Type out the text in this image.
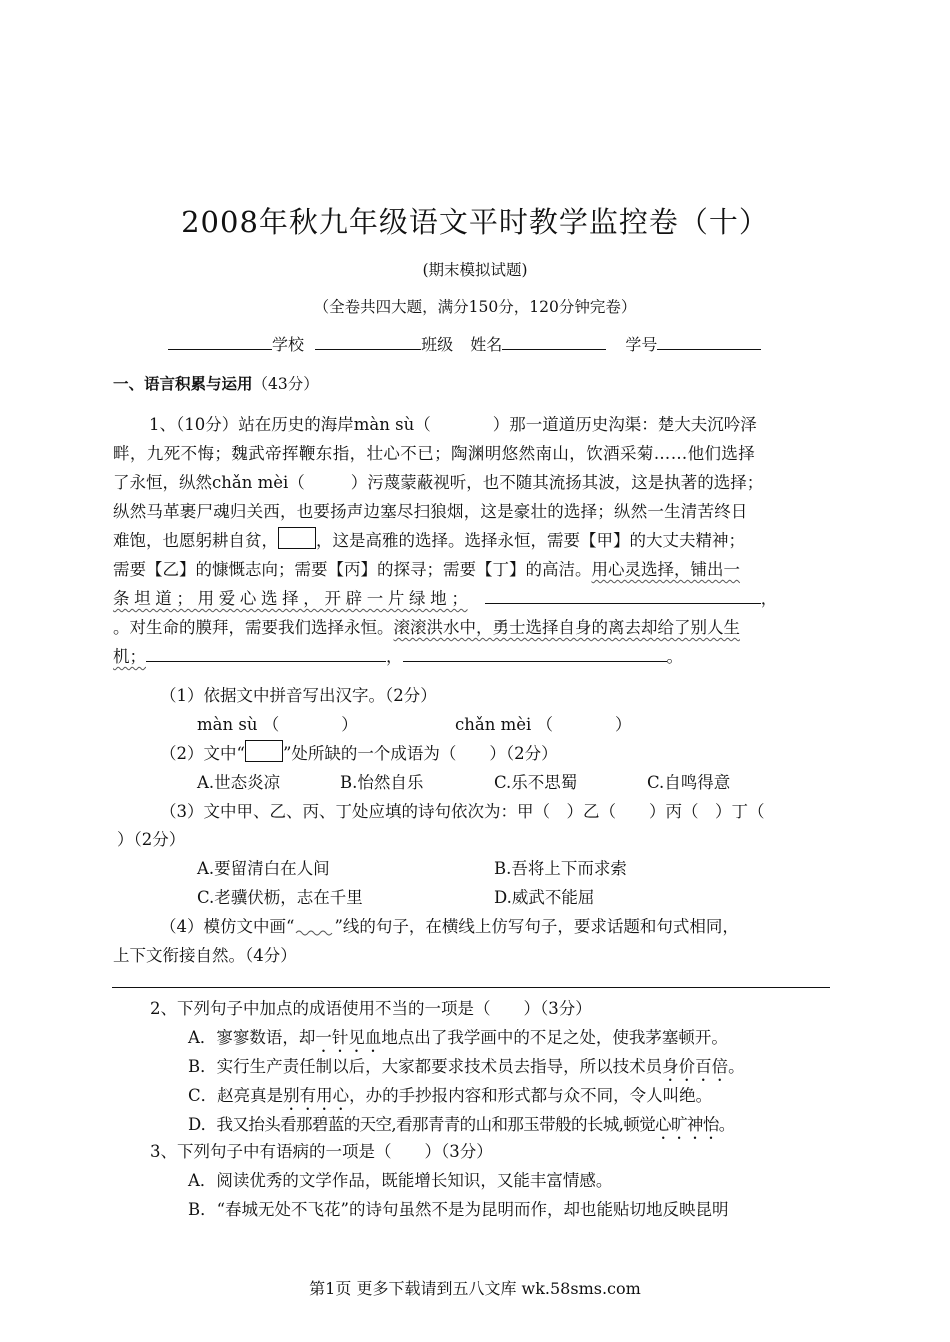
2008年秋九年级语文平时教学监控卷（十）
(期末模拟试题)
（全卷共四大题，满分150分，120分钟完卷）
学校	班级 姓名	学号
一、语言积累与运用（43分）
1、（10分）站在历史的海岸màn sù（	）那一道道历史沟渠：楚大夫沉吟泽
畔，九死不悔；魏武帝挥鞭东指，壮心不已；陶渊明悠然南山，饮酒采菊……他们选择
了永恒，纵然chǎn mèi（	）污蔑蒙蔽视听，也不随其流扬其波，这是执著的选择；
纵然马革裹尸魂归关西，也要扬声边塞尽扫狼烟，这是豪壮的选择；纵然一生清苦终日
难饱，也愿躬耕自贫， ，这是高雅的选择。选择永恒，需要【甲】的大丈夫精神；
需要【乙】的慷慨志向；需要【丙】的探寻；需要【丁】的高洁。用心灵选择，铺出一
条 坦 道 ； 用 爱 心 选 择 ， 开 辟 一 片 绿 地 ；	，
。对生命的膜拜，需要我们选择永恒。滚滚洪水中，勇士选择自身的离去却给了别人生
机；	，	。
（1）依据文中拼音写出汉字。（2分）
màn sù （	）	chǎn mèi （	）
（2）文中“ ”处所缺的一个成语为（　　）（2分）
A.世态炎凉	B.怡然自乐	C.乐不思蜀	C.自鸣得意
（3）文中甲、乙、丙、丁处应填的诗句依次为：甲（　）乙（　　）丙（　）丁（
）（2分）
A.要留清白在人间	B.吾将上下而求索
C.老骥伏枥，志在千里	D.威武不能屈
（4）模仿文中画“ ”线的句子，在横线上仿写句子，要求话题和句式相同，
上下文衔接自然。（4分）
2、下列句子中加点的成语使用不当的一项是（　　）（3分）
A．寥寥数语，却一针见血地点出了我学画中的不足之处，使我茅塞顿开。
B．实行生产责任制以后，大家都要求技术员去指导，所以技术员身价百倍。
C．赵亮真是别有用心，办的手抄报内容和形式都与众不同，令人叫绝。
D．我又抬头看那碧蓝的天空,看那青青的山和那玉带般的长城,顿觉心旷神怡。
3、下列句子中有语病的一项是（　　）（3分）
A．阅读优秀的文学作品，既能增长知识，又能丰富情感。
B．“春城无处不飞花”的诗句虽然不是为昆明而作，却也能贴切地反映昆明
第1页 更多下载请到五八文库 wk.58sms.com
